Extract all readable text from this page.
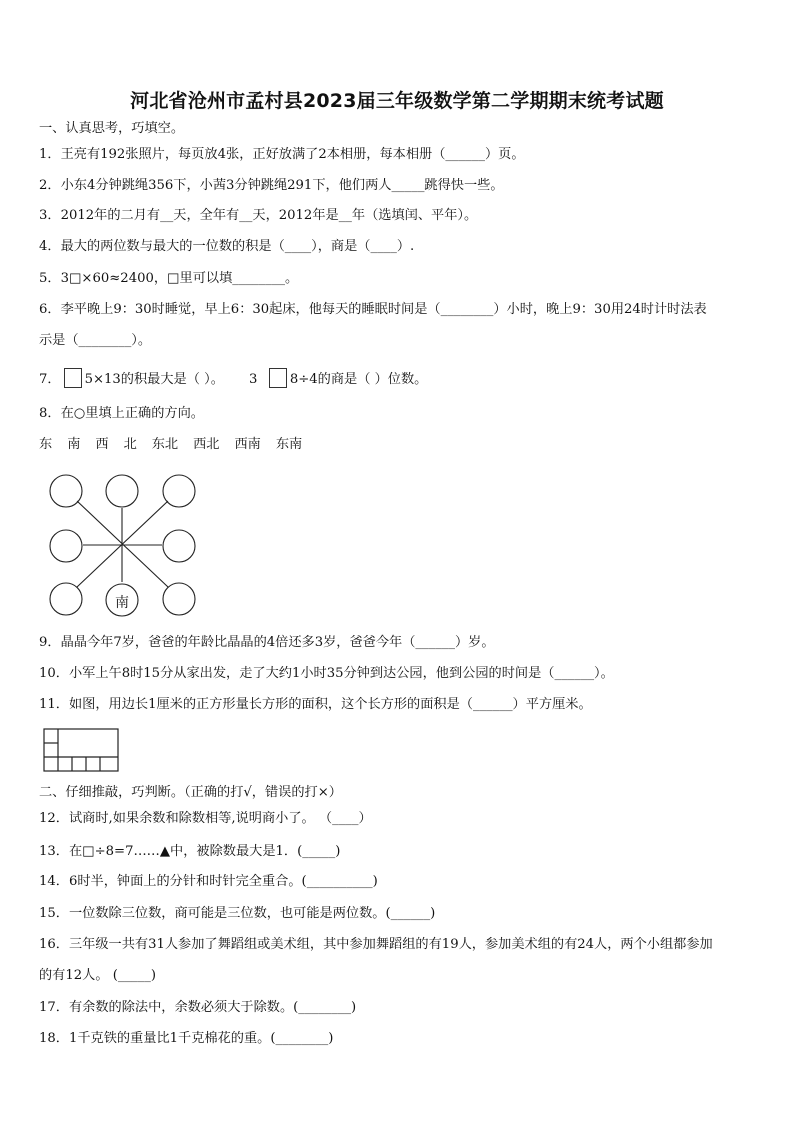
河北省沧州市孟村县2023届三年级数学第二学期期末统考试题
一、认真思考，巧填空。
1．王亮有192张照片，每页放4张，正好放满了2本相册，每本相册（______）页。
2．小东4分钟跳绳356下，小茜3分钟跳绳291下，他们两人_____跳得快一些。
3．2012年的二月有__天，全年有__天，2012年是__年（选填闰、平年）。
4．最大的两位数与最大的一位数的积是（____），商是（____）.
5．3□×60≈2400，□里可以填________。
6．李平晚上9：30时睡觉，早上6：30起床，他每天的睡眠时间是（________）小时，晚上9：30用24时计时法表
示是（________）。
7． 5×13的积最大是（ ）。 3 8÷4的商是（ ）位数。
8．在○里填上正确的方向。
东 南 西 北 东北 西北 西南 东南
南
9．晶晶今年7岁，爸爸的年龄比晶晶的4倍还多3岁，爸爸今年（______）岁。
10．小军上午8时15分从家出发，走了大约1小时35分钟到达公园，他到公园的时间是（______）。
11．如图，用边长1厘米的正方形量长方形的面积，这个长方形的面积是（______）平方厘米。
二、仔细推敲，巧判断。（正确的打√，错误的打×）
12．试商时,如果余数和除数相等,说明商小了。 （____）
13．在□÷8=7……▲中，被除数最大是1．(_____)
14．6时半，钟面上的分针和时针完全重合。(__________)
15．一位数除三位数，商可能是三位数，也可能是两位数。(______)
16．三年级一共有31人参加了舞蹈组或美术组，其中参加舞蹈组的有19人，参加美术组的有24人，两个小组都参加
的有12人。 (_____)
17．有余数的除法中，余数必须大于除数。(________)
18．1千克铁的重量比1千克棉花的重。(________)
